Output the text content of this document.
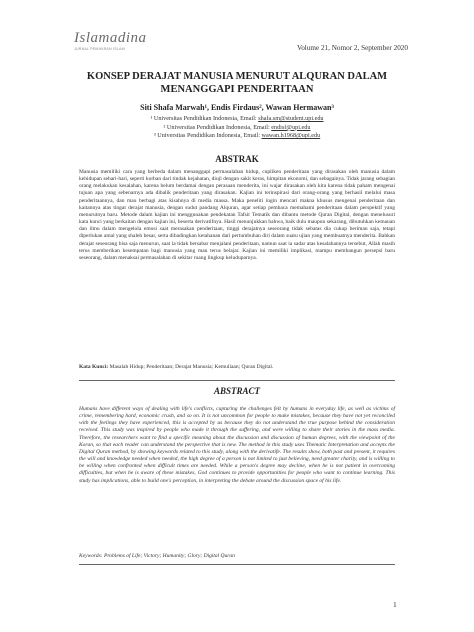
Islamadina
JURNAL PEMIKIRAN ISLAM	Volume 21, Nomor 2, September 2020
KONSEP DERAJAT MANUSIA MENURUT ALQURAN DALAM
MENANGGAPI PENDERITAAN
Siti Shafa Marwah¹, Endis Firdaus², Wawan Hermawan³
¹ Universitas Pendidikan Indonesia, Email: shafa.sm@student.upi.edu
² Universitas Pendidikan Indonesia, Email: endisf@upi.edu
³ Universitas Pendidikan Indonesia, Email: wawan.h1968@upi.edu
ABSTRAK
Manusia memiliki cara yang berbeda dalam menanggapi permasalahan hidup, cupliken penderitaan yang dirasakan oleh manusia dalam kehidupan sehari-hari, seperti korban dari tindak kejahatan, diuji dengan sakit keras, himpitan ekonomi, dan sebagainya. Tidak jarang sebagian orang melakukan kesalahan, karena belum berdamai dengan perasaan menderita, ini wajar dirasakan oleh kita karena tidak paham mengenai tujuan apa yang sebenarnya ada dibalik penderitaan yang dirasakan. Kajian ini terinspirasi dari orang-orang yang berhasil melalui masa penderitaannya, dan mau berbagi atas kisahnya di media massa. Maka peneliti ingin mencari makna khusus mengenai penderitaan dan kaitannya atas tingat derajat manusia, dengan sudut pandang Alquran, agar setiap pembaca memahami penderitaan dalam perspektif yang menurutnya baru. Metode dalam kajian ini menggunakan pendekatan Tafsir Tematik dan dibantu metode Quran Digital, dengan menelusuri kata kunci yang berkaitan dengan kajian ini, beserta derivatifnya. Hasil menunjukkan bahwa, baik dulu maupun sekarang, dibutuhkan kemauan dan ilmu dalam mengelola emosi saat merasakan penderitaan, tinggi derajatnya seseorang tidak sebatas dia cukup beriman saja, tetapi diperlukan amal yang shaleh besar, serta dibadingkan ketahanan dari pertumbuhan diri dalam suatu ujian yang membuatnya menderita. Bahkan derajat seseorang bisa saja menurun, saat ia tidak bersabar menjalani penderitaan, namun saat ia sadar atas kesalahannya tersebut, Allah masih terus memberikan kesempatan bagi manusia yang mau terus belajar. Kajian ini memiliki implikasi, mampu membangun persepsi baru seseorang, dalam menaksai permasalahan di sekitar ruang lingkup keluduparnya.
Kata Kunci: Masalah Hidup; Penderitaan; Derajat Manusia; Kemuliaan; Quran Digital.
ABSTRACT
Humans have different ways of dealing with life's conflicts, capturing the challenges felt by humans in everyday life, as well as victims of crime, remembering hard, economic crush, and so on. It is not uncommon for people to make mistakes, because they have not yet reconciled with the feelings they have experienced, this is accepted by us because they do not understand the true purpose behind the consideration received. This study was inspired by people who made it through the suffering, and were willing to share their stories in the mass media. Therefore, the researchers want to find a specific meaning about the discussion and discussion of human degrees, with the viewpoint of the Koran, so that each reader can understand the perspective that is new. The method in this study uses Thematic Interpretation and accepts the Digital Quran method, by showing keywords related to this study, along with the derivatife. The results show, both past and present, it requires the will and knowledge needed when needed, the high degree of a person is not limited to just believing, need greater charity, and is willing to be willing when confronted when difficult times are needed. While a person's degree may decline, when he is not patient in overcoming difficulties, but when he is aware of these mistakes, God continues to provide opportunities for people who want to continue learning. This study has implications, able to build one's perception, in interpreting the debate around the discussion space of his life.
Keywords: Problems of Life; Victory; Humanity; Glory; Digital Quran
1
